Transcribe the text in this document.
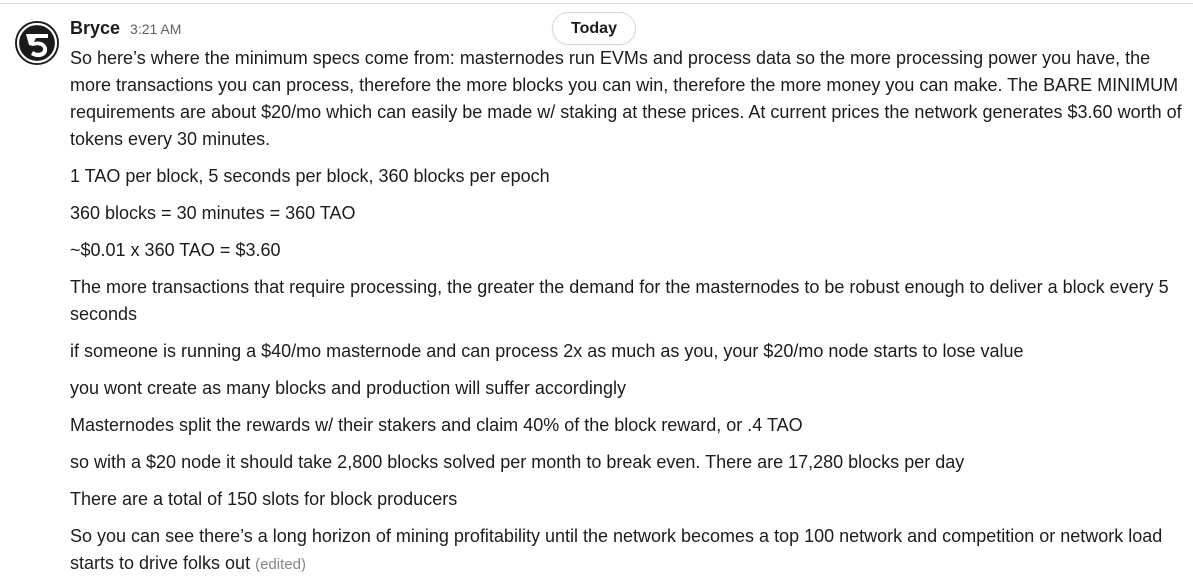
Today
Bryce 3:21 AM

So here’s where the minimum specs come from: masternodes run EVMs and process data so the more processing power you have, the more transactions you can process, therefore the more blocks you can win, therefore the more money you can make. The BARE MINIMUM requirements are about $20/mo which can easily be made w/ staking at these prices. At current prices the network generates $3.60 worth of tokens every 30 minutes.

1 TAO per block, 5 seconds per block, 360 blocks per epoch

360 blocks = 30 minutes = 360 TAO

~$0.01 x 360 TAO = $3.60

The more transactions that require processing, the greater the demand for the masternodes to be robust enough to deliver a block every 5 seconds

if someone is running a $40/mo masternode and can process 2x as much as you, your $20/mo node starts to lose value

you wont create as many blocks and production will suffer accordingly

Masternodes split the rewards w/ their stakers and claim 40% of the block reward, or .4 TAO

so with a $20 node it should take 2,800 blocks solved per month to break even. There are 17,280 blocks per day

There are a total of 150 slots for block producers

So you can see there’s a long horizon of mining profitability until the network becomes a top 100 network and competition or network load starts to drive folks out (edited)
